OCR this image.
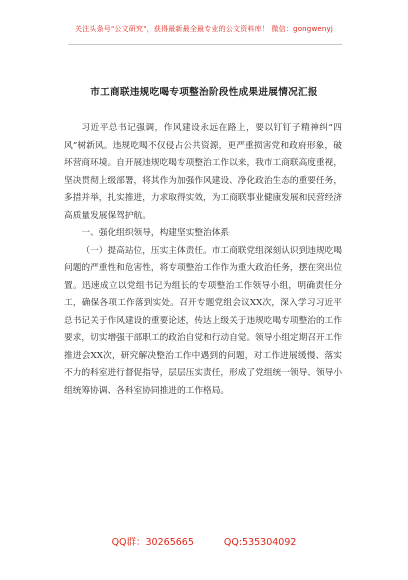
关注头条号"公文研究"，获得最新最全最专业的公文资料库！ 微信：gongwenyj
市工商联违规吃喝专项整治阶段性成果进展情况汇报

习近平总书记强调，作风建设永远在路上，要以钉钉子精神纠“四风”树新风。违规吃喝不仅侵占公共资源，更严重损害党和政府形象，破坏营商环境。自开展违规吃喝专项整治工作以来，我市工商联高度重视，坚决贯彻上级部署，将其作为加强作风建设、净化政治生态的重要任务，多措并举，扎实推进，力求取得实效，为工商联事业健康发展和民营经济高质量发展保驾护航。

一、强化组织领导，构建坚实整治体系

（一）提高站位，压实主体责任。市工商联党组深刻认识到违规吃喝问题的严重性和危害性，将专项整治工作作为重大政治任务，摆在突出位置。迅速成立以党组书记为组长的专项整治工作领导小组，明确责任分工，确保各项工作落到实处。召开专题党组会议XX次，深入学习习近平总书记关于作风建设的重要论述，传达上级关于违规吃喝专项整治的工作要求，切实增强干部职工的政治自觉和行动自觉。领导小组定期召开工作推进会XX次，研究解决整治工作中遇到的问题，对工作进展缓慢、落实不力的科室进行督促指导，层层压实责任，形成了党组统一领导、领导小组统筹协调、各科室协同推进的工作格局。

QQ群：30265665	QQ:535304092
